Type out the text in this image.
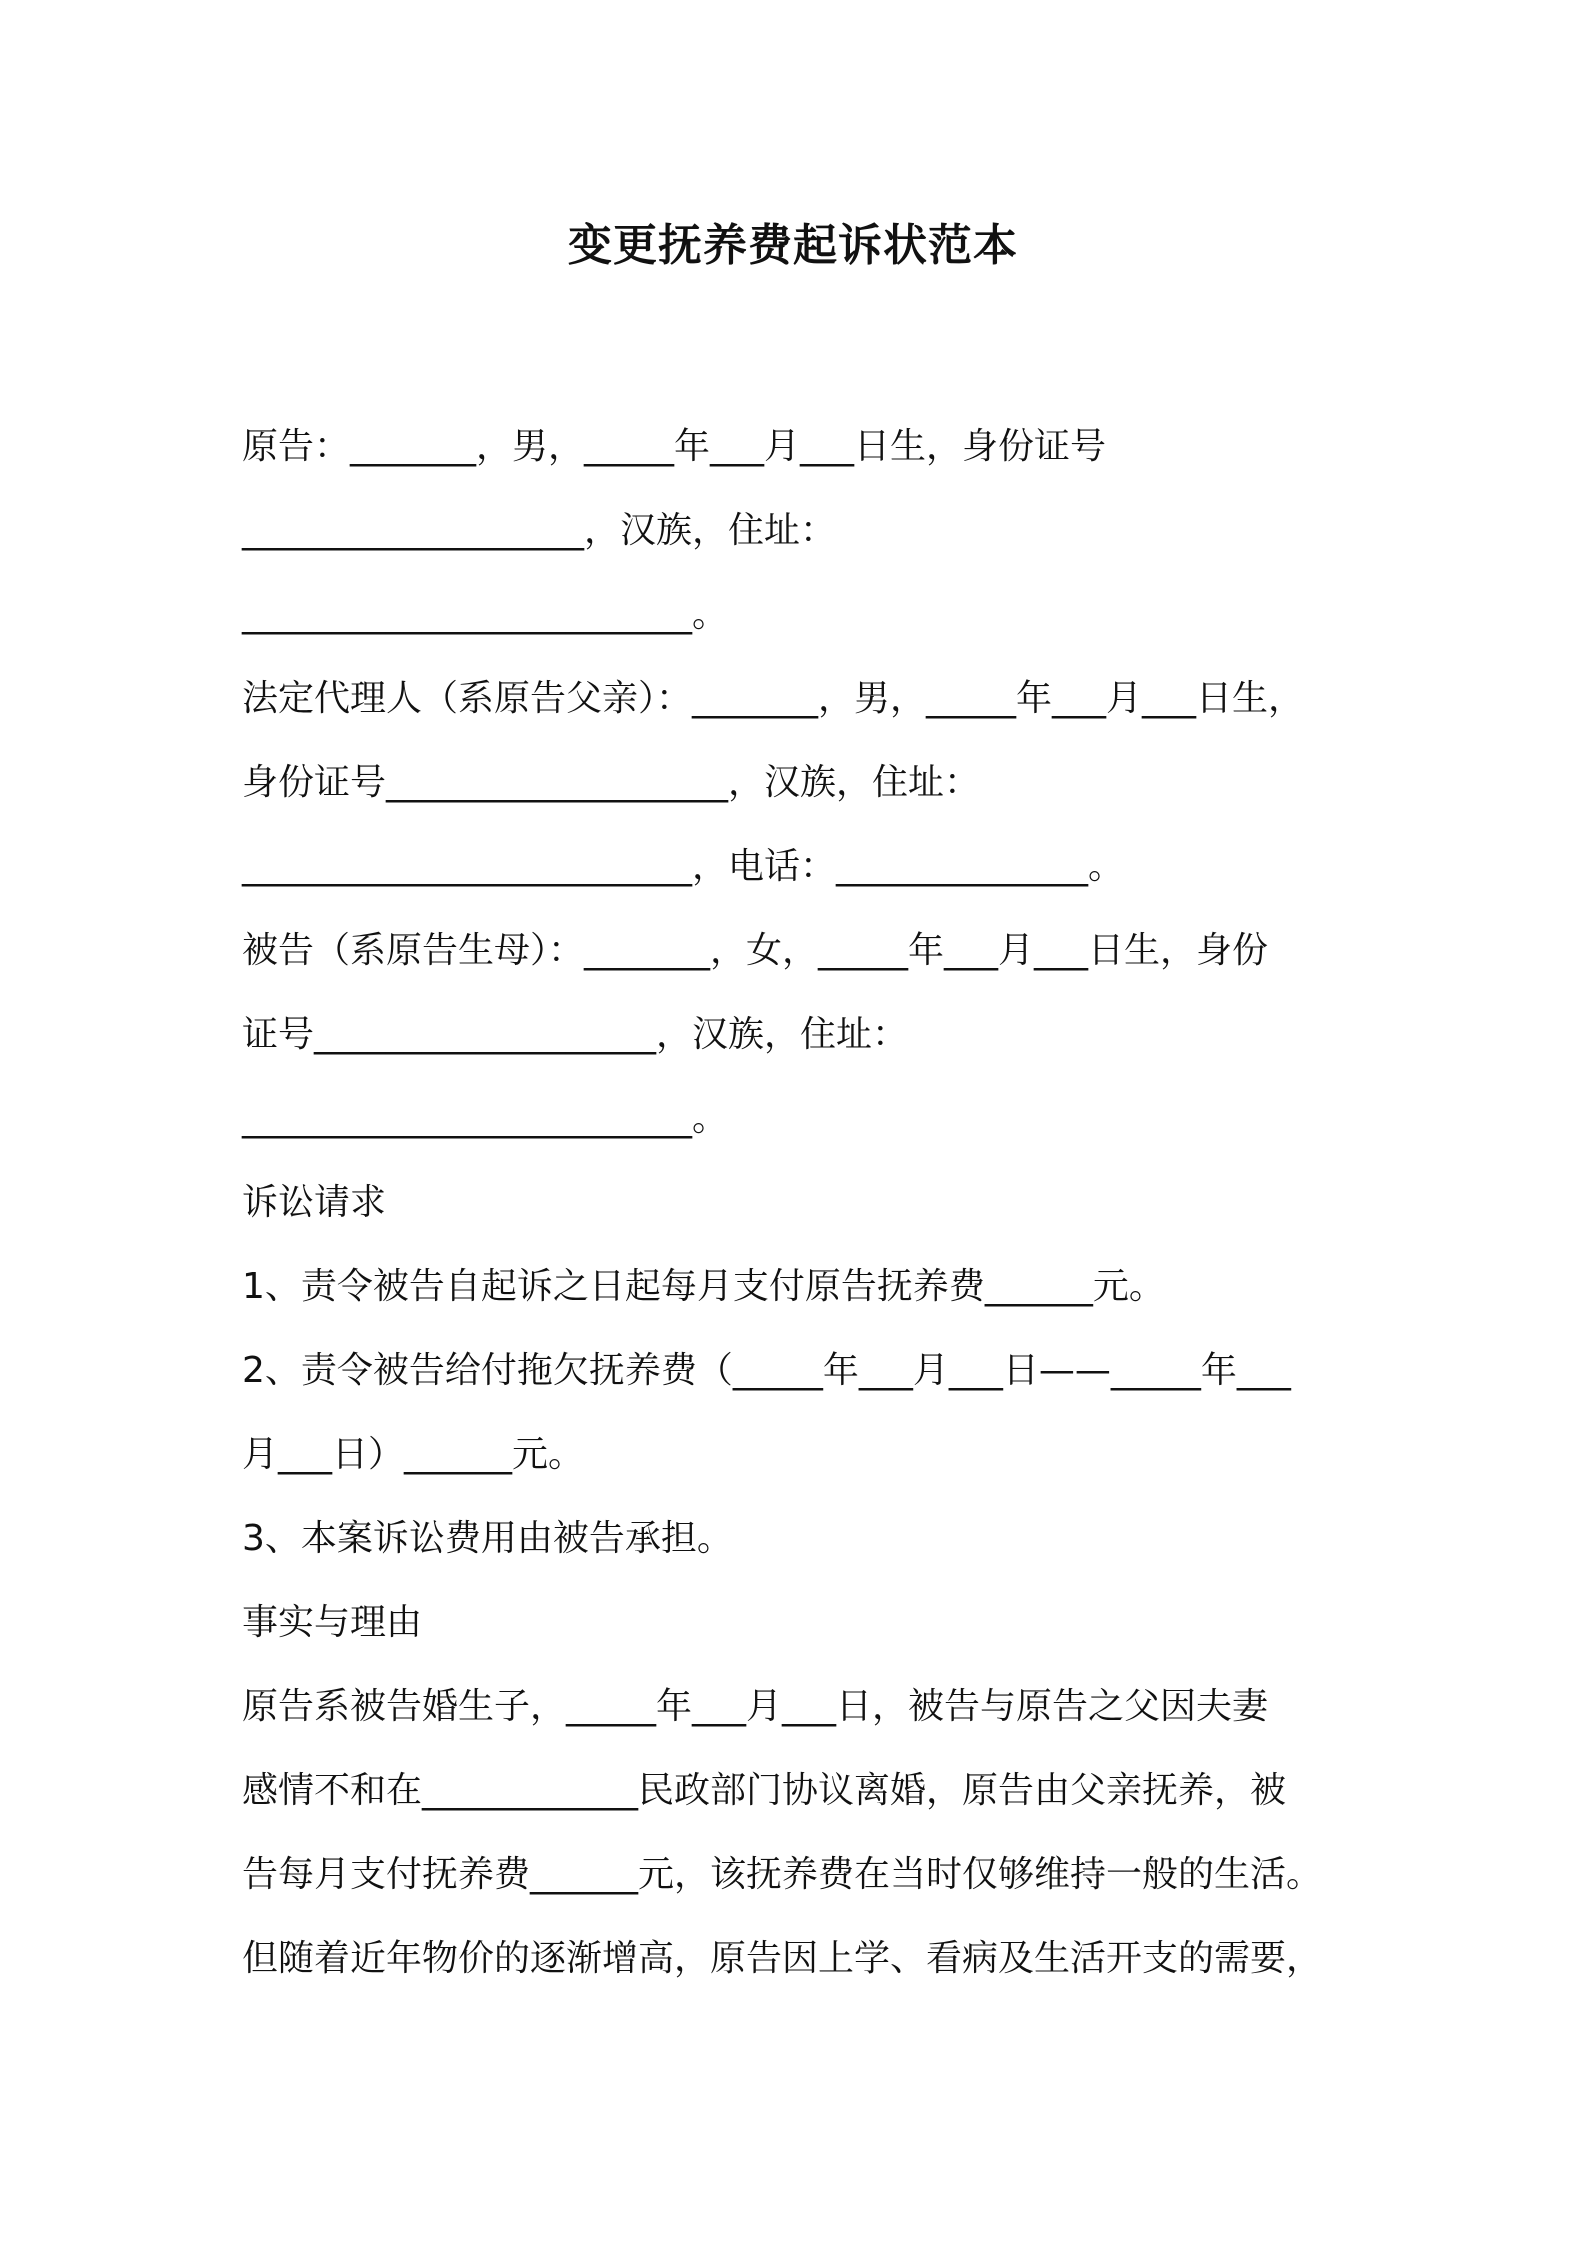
变更抚养费起诉状范本
原告：_______，男，_____年___月___日生，身份证号
___________________，汉族，住址：
_________________________。
法定代理人（系原告父亲）：_______，男，_____年___月___日生，
身份证号___________________，汉族，住址：
_________________________，电话：______________。
被告（系原告生母）：_______，女，_____年___月___日生，身份
证号___________________，汉族，住址：
_________________________。
诉讼请求
1、责令被告自起诉之日起每月支付原告抚养费______元。
2、责令被告给付拖欠抚养费（_____年___月___日——_____年___
月___日）______元。
3、本案诉讼费用由被告承担。
事实与理由
原告系被告婚生子，_____年___月___日，被告与原告之父因夫妻
感情不和在____________民政部门协议离婚，原告由父亲抚养，被
告每月支付抚养费______元，该抚养费在当时仅够维持一般的生活。
但随着近年物价的逐渐增高，原告因上学、看病及生活开支的需要，
